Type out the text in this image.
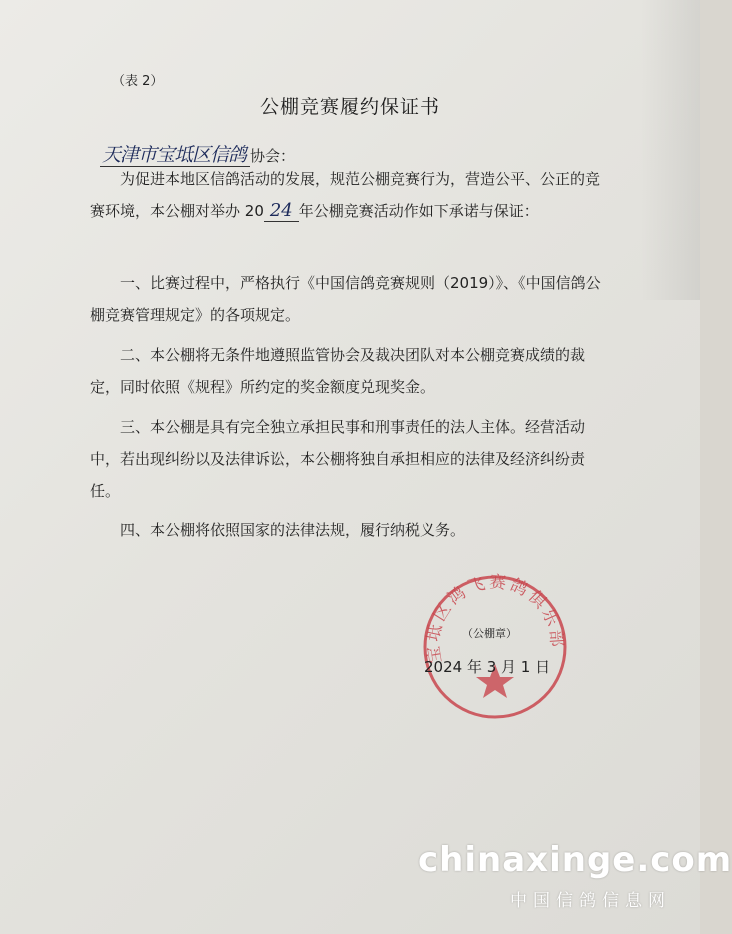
（表 2）
公棚竞赛履约保证书
天津市宝坻区信鸽 协会：
为促进本地区信鸽活动的发展，规范公棚竞赛行为，营造公平、公正的竞赛环境，本公棚对举办 20 24 年公棚竞赛活动作如下承诺与保证：
一、比赛过程中，严格执行《中国信鸽竞赛规则（2019）》、《中国信鸽公棚竞赛管理规定》的各项规定。
二、本公棚将无条件地遵照监管协会及裁决团队对本公棚竞赛成绩的裁定，同时依照《规程》所约定的奖金额度兑现奖金。
三、本公棚是具有完全独立承担民事和刑事责任的法人主体。经营活动中，若出现纠纷以及法律诉讼，本公棚将独自承担相应的法律及经济纠纷责任。
四、本公棚将依照国家的法律法规，履行纳税义务。
宝坻区鸿飞赛鸽俱乐部
（公棚章）
2024 年 3 月 1 日
chinaxinge.com
中国信鸽信息网
